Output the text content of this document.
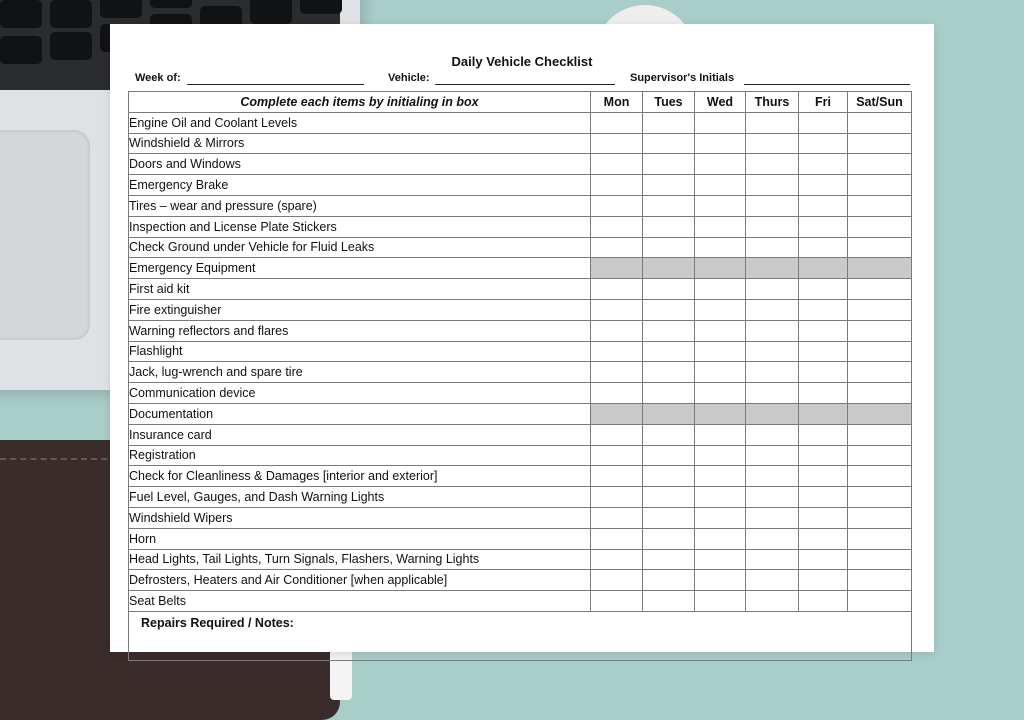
Daily Vehicle Checklist
Week of:	Vehicle:	Supervisor's Initials
Complete each items by initialing in box	Mon	Tues	Wed	Thurs	Fri	Sat/Sun
Engine Oil and Coolant Levels						
Windshield & Mirrors						
Doors and Windows						
Emergency Brake						
Tires – wear and pressure (spare)						
Inspection and License Plate Stickers						
Check Ground under Vehicle for Fluid Leaks						
Emergency Equipment						
First aid kit						
Fire extinguisher						
Warning reflectors and flares						
Flashlight						
Jack, lug-wrench and spare tire						
Communication device						
Documentation						
Insurance card						
Registration						
Check for Cleanliness & Damages [interior and exterior]						
Fuel Level, Gauges, and Dash Warning Lights						
Windshield Wipers						
Horn						
Head Lights, Tail Lights, Turn Signals, Flashers, Warning Lights						
Defrosters, Heaters and Air Conditioner [when applicable]						
Seat Belts						
Repairs Required / Notes:						
